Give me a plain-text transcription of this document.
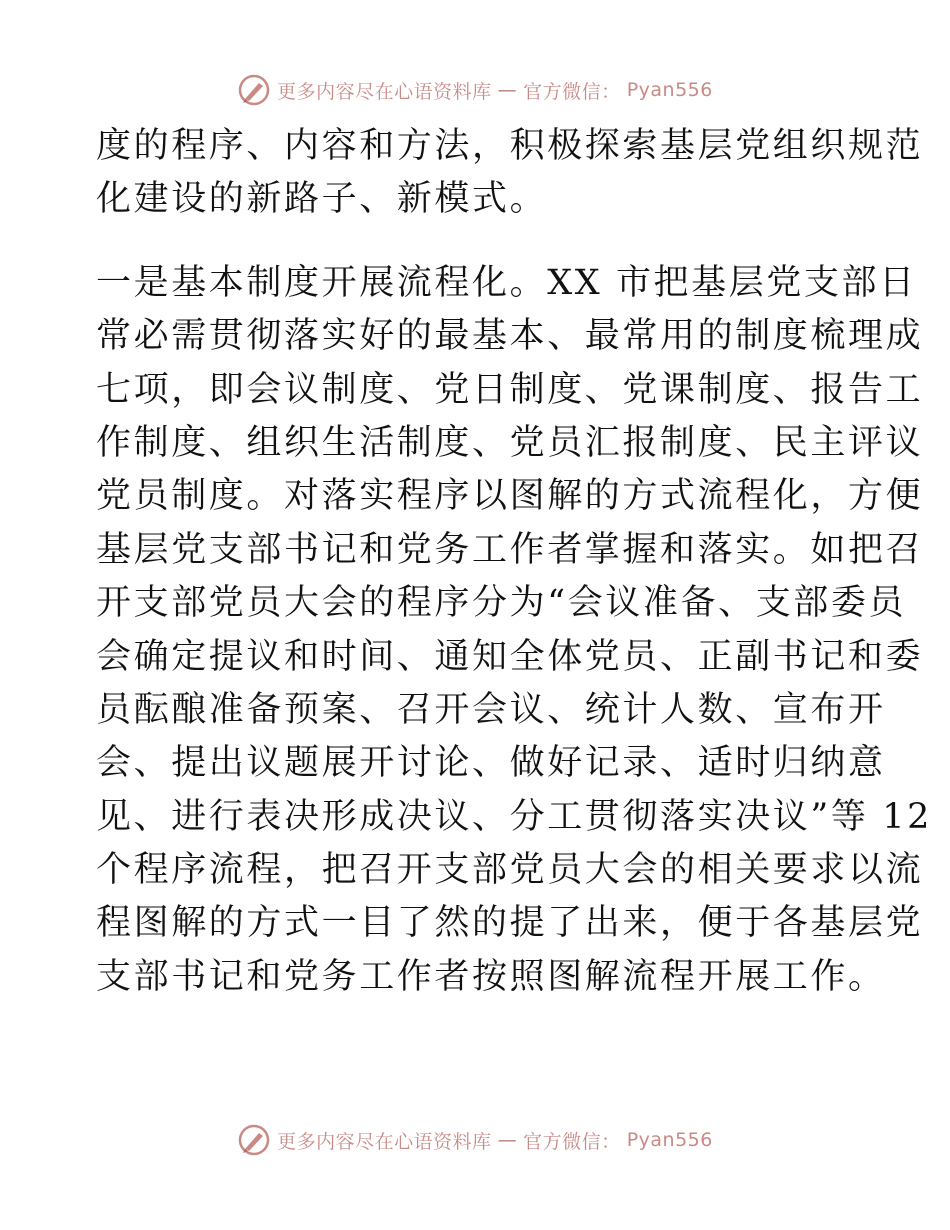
更多内容尽在心语资料库 — 官方微信： Pyan556
度的程序、内容和方法，积极探索基层党组织规范
化建设的新路子、新模式。
一是基本制度开展流程化。XX 市把基层党支部日
常必需贯彻落实好的最基本、最常用的制度梳理成
七项，即会议制度、党日制度、党课制度、报告工
作制度、组织生活制度、党员汇报制度、民主评议
党员制度。对落实程序以图解的方式流程化，方便
基层党支部书记和党务工作者掌握和落实。如把召
开支部党员大会的程序分为“会议准备、支部委员
会确定提议和时间、通知全体党员、正副书记和委
员酝酿准备预案、召开会议、统计人数、宣布开
会、提出议题展开讨论、做好记录、适时归纳意
见、进行表决形成决议、分工贯彻落实决议”等 12
个程序流程，把召开支部党员大会的相关要求以流
程图解的方式一目了然的提了出来，便于各基层党
支部书记和党务工作者按照图解流程开展工作。
更多内容尽在心语资料库 — 官方微信： Pyan556
